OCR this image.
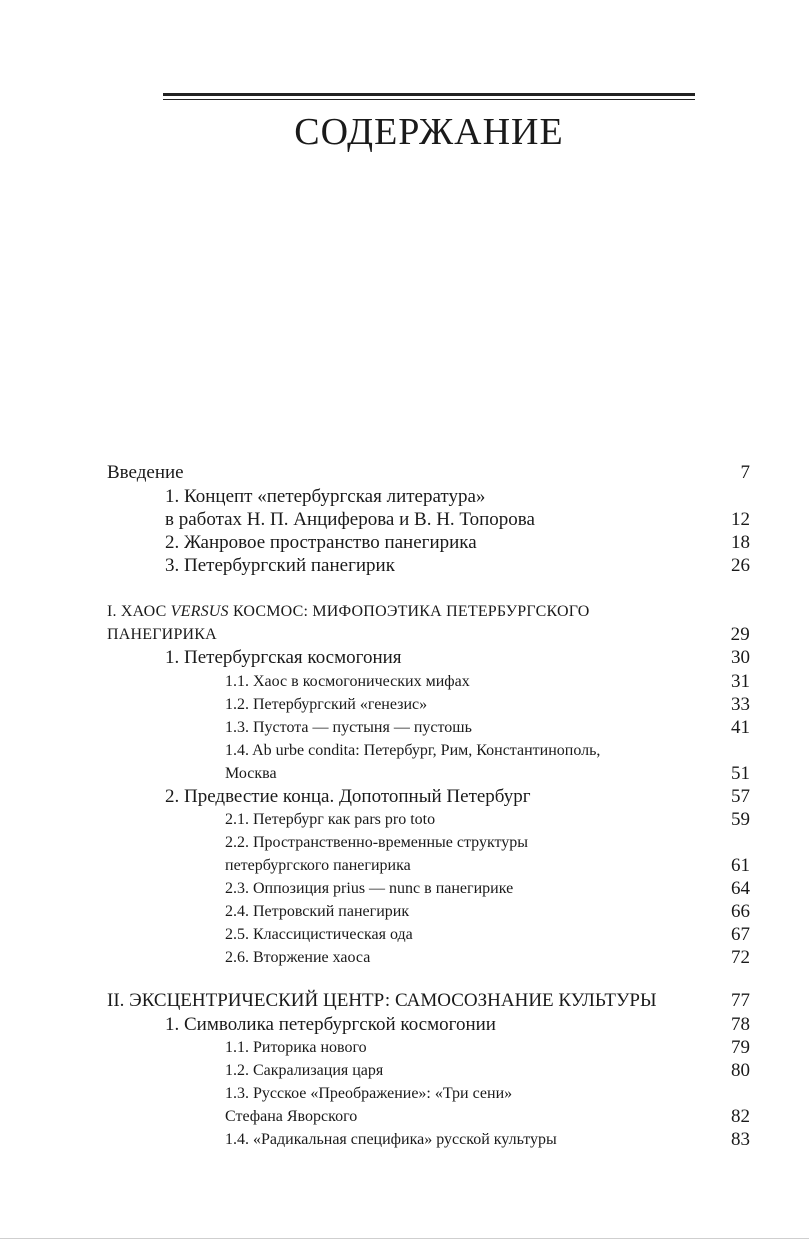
СОДЕРЖАНИЕ
Введение	7
1. Концепт «петербургская литература»
в работах Н. П. Анциферова и В. Н. Топорова	12
2. Жанровое пространство панегирика	18
3. Петербургский панегирик	26
I. ХАОС VERSUS КОСМОС: МИФОПОЭТИКА ПЕТЕРБУРГСКОГО
ПАНЕГИРИКА	29
1. Петербургская космогония	30
1.1. Хаос в космогонических мифах	31
1.2. Петербургский «генезис»	33
1.3. Пустота — пустыня — пустошь	41
1.4. Ab urbe condita: Петербург, Рим, Константинополь,
Москва	51
2. Предвестие конца. Допотопный Петербург	57
2.1. Петербург как pars pro toto	59
2.2. Пространственно-временные структуры
петербургского панегирика	61
2.3. Оппозиция prius — nunc в панегирике	64
2.4. Петровский панегирик	66
2.5. Классицистическая ода	67
2.6. Вторжение хаоса	72
II. ЭКСЦЕНТРИЧЕСКИЙ ЦЕНТР: САМОСОЗНАНИЕ КУЛЬТУРЫ	77
1. Символика петербургской космогонии	78
1.1. Риторика нового	79
1.2. Сакрализация царя	80
1.3. Русское «Преображение»: «Три сени»
Стефана Яворского	82
1.4. «Радикальная специфика» русской культуры	83
